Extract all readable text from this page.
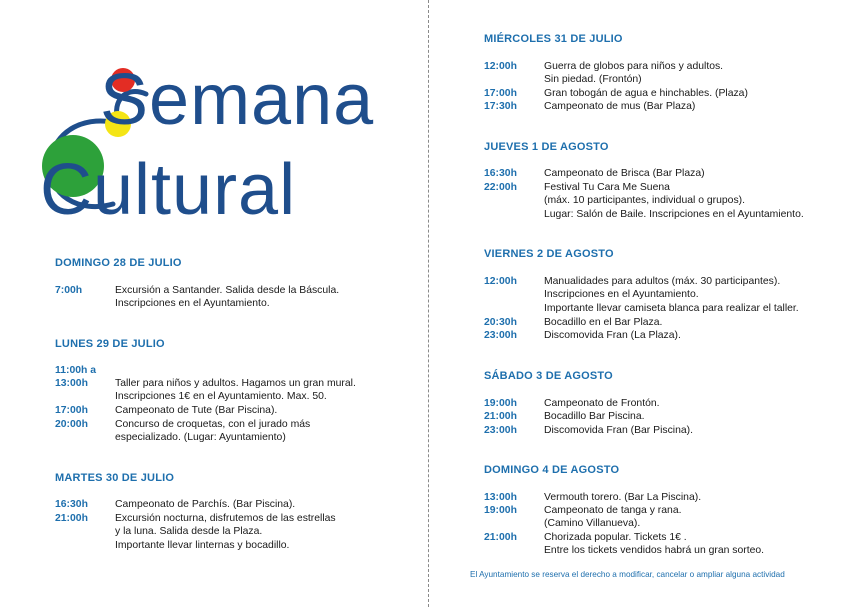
Semana
Cultural
DOMINGO 28 DE JULIO
7:00h	Excursión a Santander. Salida desde la Báscula.
Inscripciones en el Ayuntamiento.
LUNES 29 DE JULIO
11:00h a
13:00h	Taller para niños y adultos. Hagamos un gran mural.
Inscripciones 1€ en el Ayuntamiento. Max. 50.
17:00h	Campeonato de Tute (Bar Piscina).
20:00h	Concurso de croquetas, con el jurado más
especializado. (Lugar: Ayuntamiento)
MARTES 30 DE JULIO
16:30h	Campeonato de Parchís. (Bar Piscina).
21:00h	Excursión nocturna, disfrutemos de las estrellas
y la luna. Salida desde la Plaza.
Importante llevar linternas y bocadillo.
MIÉRCOLES 31 DE JULIO
12:00h	Guerra de globos para niños y adultos.
Sin piedad. (Frontón)
17:00h	Gran tobogán de agua e hinchables. (Plaza)
17:30h	Campeonato de mus (Bar Plaza)
JUEVES 1 DE AGOSTO
16:30h	Campeonato de Brisca (Bar Plaza)
22:00h	Festival Tu Cara Me Suena
(máx. 10 participantes, individual o grupos).
Lugar: Salón de Baile. Inscripciones en el Ayuntamiento.
VIERNES 2 DE AGOSTO
12:00h	Manualidades para adultos (máx. 30 participantes).
Inscripciones en el Ayuntamiento.
Importante llevar camiseta blanca para realizar el taller.
20:30h	Bocadillo en el Bar Plaza.
23:00h	Discomovida Fran (La Plaza).
SÁBADO 3 DE AGOSTO
19:00h	Campeonato de Frontón.
21:00h	Bocadillo Bar Piscina.
23:00h	Discomovida Fran (Bar Piscina).
DOMINGO 4 DE AGOSTO
13:00h	Vermouth torero. (Bar La Piscina).
19:00h	Campeonato de tanga y rana.
(Camino Villanueva).
21:00h	Chorizada popular. Tickets 1€ .
Entre los tickets vendidos habrá un gran sorteo.
El Ayuntamiento se reserva el derecho a modificar, cancelar o ampliar alguna actividad
